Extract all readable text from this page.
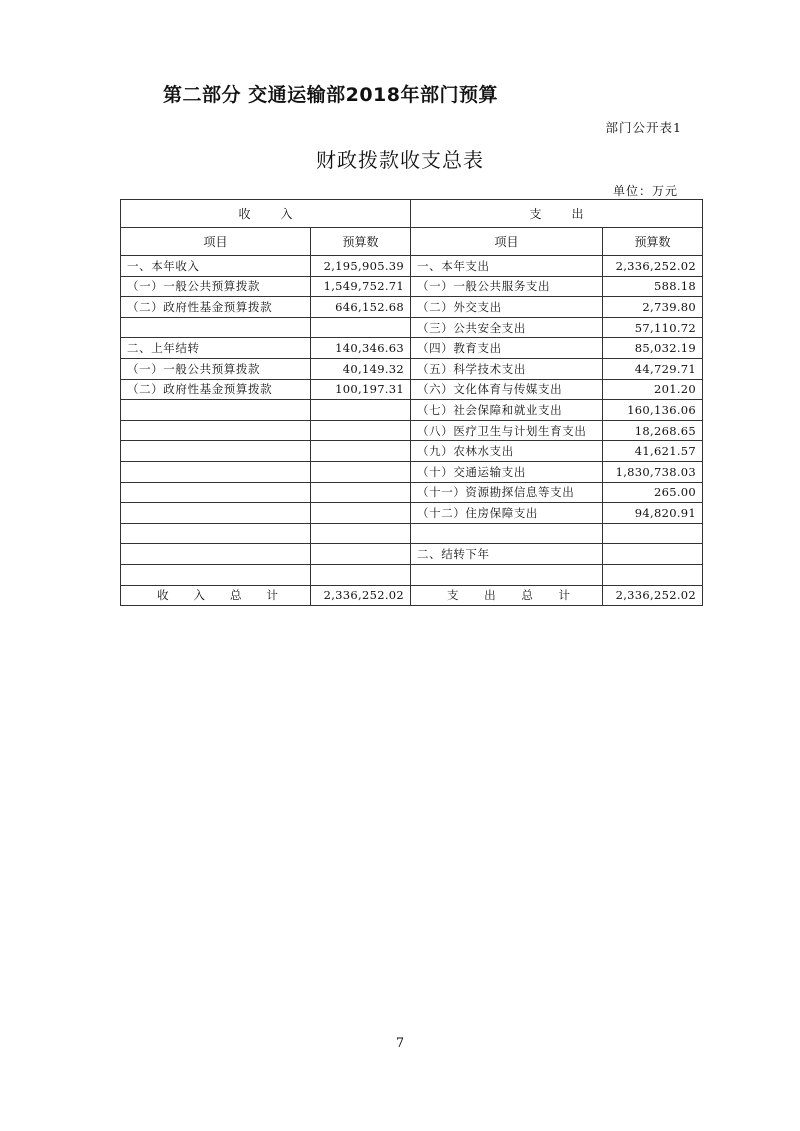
第二部分 交通运输部2018年部门预算
部门公开表1
财政拨款收支总表
单位：万元
收入		支出	
项目	预算数	项目	预算数
一、本年收入	2,195,905.39	一、本年支出	2,336,252.02
（一）一般公共预算拨款	1,549,752.71	（一）一般公共服务支出	588.18
（二）政府性基金预算拨款	646,152.68	（二）外交支出	2,739.80
		（三）公共安全支出	57,110.72
二、上年结转	140,346.63	（四）教育支出	85,032.19
（一）一般公共预算拨款	40,149.32	（五）科学技术支出	44,729.71
（二）政府性基金预算拨款	100,197.31	（六）文化体育与传媒支出	201.20
		（七）社会保障和就业支出	160,136.06
		（八）医疗卫生与计划生育支出	18,268.65
		（九）农林水支出	41,621.57
		（十）交通运输支出	1,830,738.03
		（十一）资源勘探信息等支出	265.00
		（十二）住房保障支出	94,820.91

		二、结转下年	

收 入 总 计	2,336,252.02	支 出 总 计	2,336,252.02
7
